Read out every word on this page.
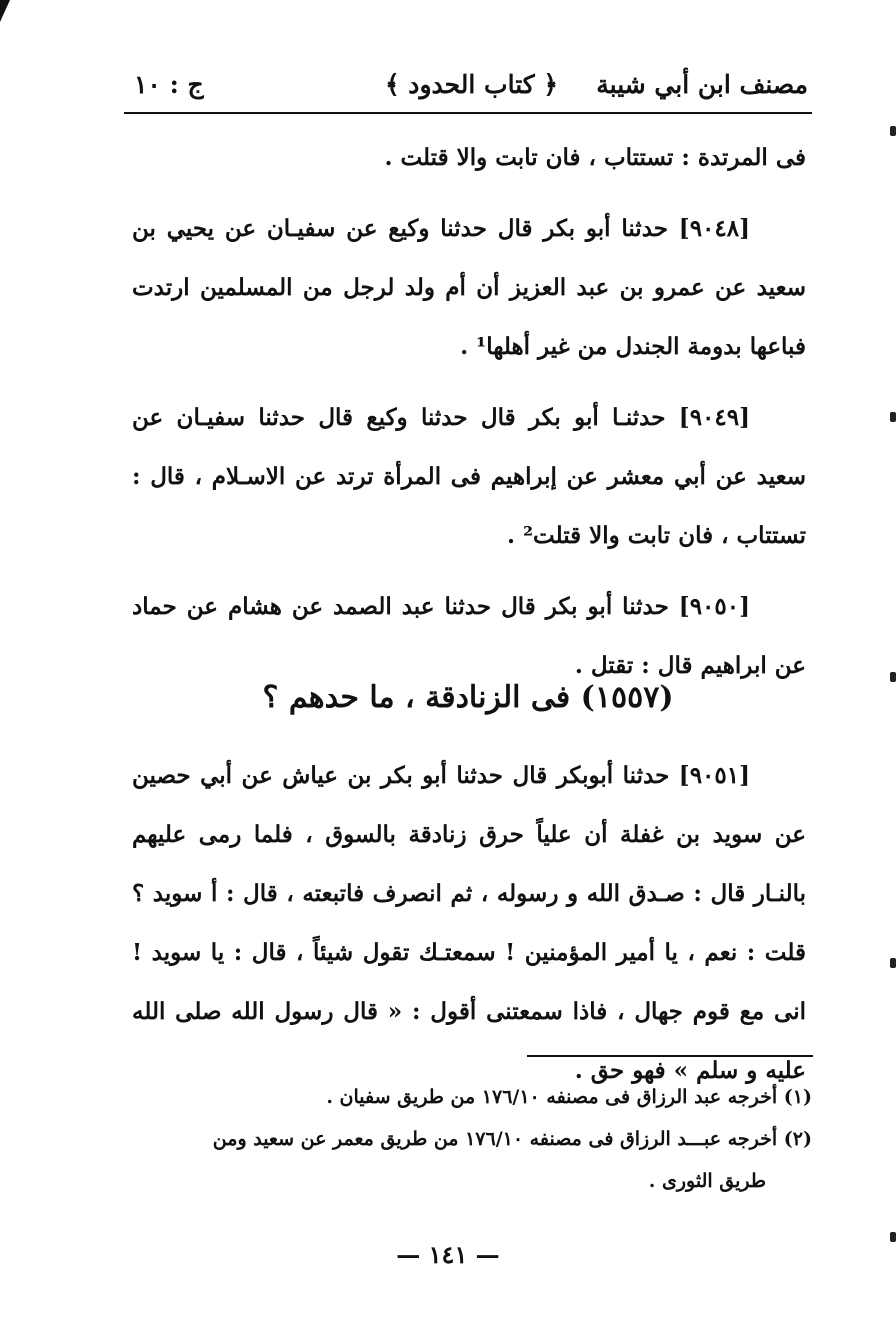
مصنف ابن أبي شيبة
﴿ كتاب الحدود ﴾
ج : ١٠

فى المرتدة : تستتاب ، فان تابت والا قتلت .

[٩٠٤٨] حدثنا أبو بكر قال حدثنا وكيع عن سفيـان عن يحيي بن سعيد عن عمرو بن عبد العزيز أن أم ولد لرجل من المسلمين ارتدت فباعها بدومة الجندل من غير أهلها¹ .

[٩٠٤٩] حدثنـا أبو بكر قال حدثنا وكيع قال حدثنا سفيـان عن سعيد عن أبي معشر عن إبراهيم فى المرأة ترتد عن الاسـلام ، قال : تستتاب ، فان تابت والا قتلت² .

[٩٠٥٠] حدثنا أبو بكر قال حدثنا عبد الصمد عن هشام عن حماد عن ابراهيم قال : تقتل .

(١٥٥٧) فى الزنادقة ، ما حدهم ؟

[٩٠٥١] حدثنا أبوبكر قال حدثنا أبو بكر بن عياش عن أبي حصين عن سويد بن غفلة أن علياً حرق زنادقة بالسوق ، فلما رمى عليهم بالنـار قال : صـدق الله و رسوله ، ثم انصرف فاتبعته ، قال : أ سويد ؟ قلت : نعم ، يا أمير المؤمنين ! سمعتـك تقول شيئاً ، قال : يا سويد ! انى مع قوم جهال ، فاذا سمعتنى أقول : « قال رسول الله صلى الله عليه و سلم » فهو حق .

(١) أخرجه عبد الرزاق فى مصنفه ١٧٦/١٠ من طريق سفيان .

(٢) أخرجه عبـــد الرزاق فى مصنفه ١٧٦/١٠ من طريق معمر عن سعيد ومن

طريق الثورى .

— ١٤١ —
